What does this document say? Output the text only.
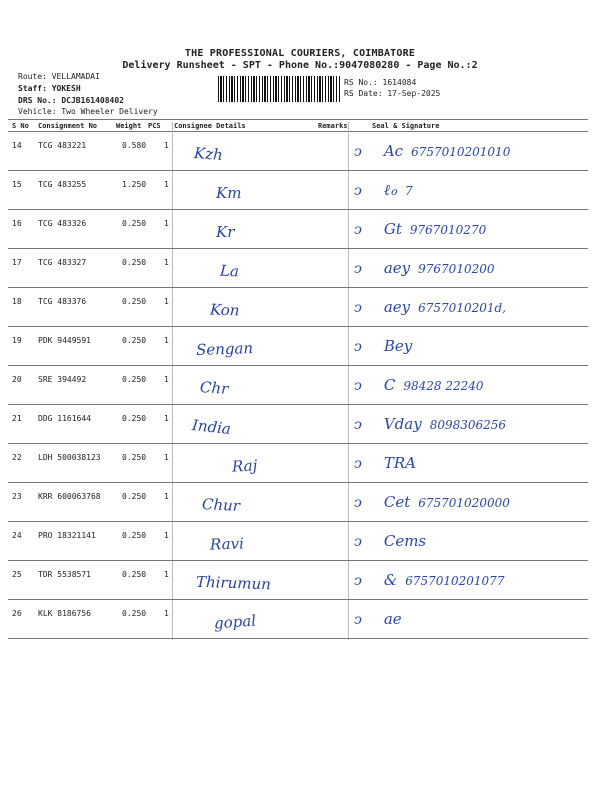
THE PROFESSIONAL COURIERS, COIMBATORE
Delivery Runsheet - SPT - Phone No.:9047080280 - Page No.:2
Route: VELLAMADAI
Staff: YOKESH
DRS No.: DCJB161408402
Vehicle: Two Wheeler Delivery
RS No.: 1614084
RS Date: 17-Sep-2025
S No Consignment No	Weight PCS Consignee Details	Remarks	Seal & Signature
14 TCG 483221	0.580 1 Kzh	ↄ Ac 6757010201010
15 TCG 483255	1.250 1	Km	ↄ ℓℴ 7
16 TCG 483326	0.250 1	Kr	ↄ Gt 9767010270
17 TCG 483327	0.250 1	La	ↄ aey 9767010200
18 TCG 483376	0.250 1	Kon	ↄ aey 6757010201d,
19 PDK 9449591	0.250 1 Sengan	ↄ Bey
20 SRE 394492	0.250 1 Chr	ↄ C 98428 22240
21 DDG 1161644	0.250 1 India	ↄ Vday 8098306256
22 LDH 500038123	0.250 1	Raj	ↄ TRA
23 KRR 600063768	0.250 1 Chur	ↄ Cet 675701020000
24 PRO 18321141	0.250 1	Ravi	ↄ Cems
25 TDR 5538571	0.250 1 Thirumun	ↄ & 6757010201077
26 KLK 8186756	0.250 1	gopal	ↄ ae
